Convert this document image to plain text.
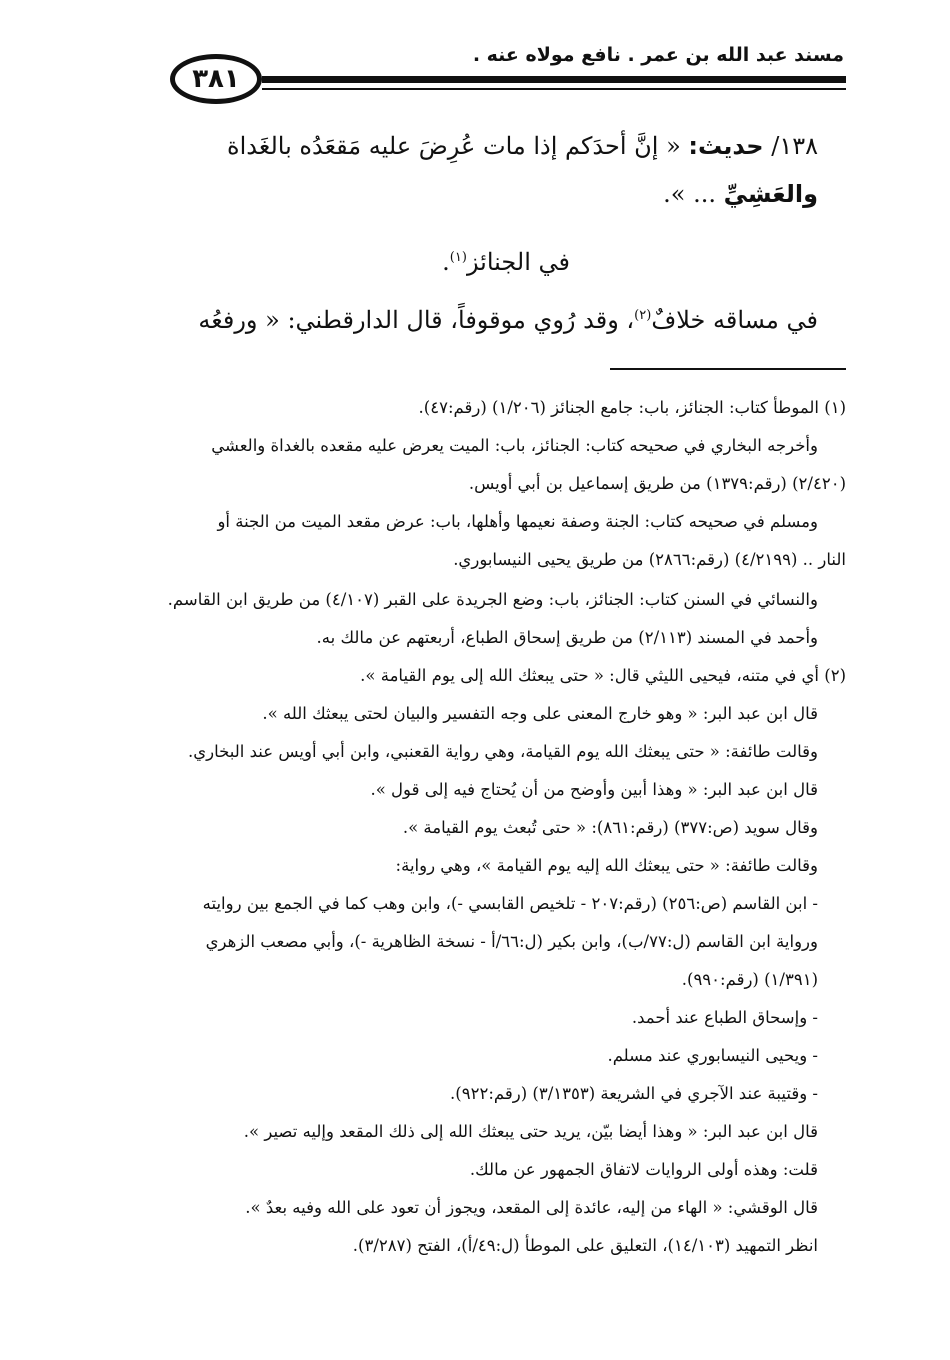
مسند عبد الله بن عمر . نافع مولاه عنه .
٣٨١
١٣٨/ حديث: « إنَّ أحدَكم إذا مات عُرِضَ عليه مَقعَدُه بالغَداة
والعَشِيِّ ... ».
في الجنائز$^{(١)}$.
في مساقه خلافٌ$^{(٢)}$، وقد رُوي موقوفاً، قال الدارقطني: « ورفعُه
(١) الموطأ كتاب: الجنائز، باب: جامع الجنائز (١/٢٠٦) (رقم:٤٧).
وأخرجه البخاري في صحيحه كتاب: الجنائز، باب: الميت يعرض عليه مقعده بالغداة والعشي
(٢/٤٢٠) (رقم:١٣٧٩) من طريق إسماعيل بن أبي أويس.
ومسلم في صحيحه كتاب: الجنة وصفة نعيمها وأهلها، باب: عرض مقعد الميت من الجنة أو
النار .. (٤/٢١٩٩) (رقم:٢٨٦٦) من طريق يحيى النيسابوري.
والنسائي في السنن كتاب: الجنائز، باب: وضع الجريدة على القبر (٤/١٠٧) من طريق ابن القاسم.
وأحمد في المسند (٢/١١٣) من طريق إسحاق الطباع، أربعتهم عن مالك به.
(٢) أي في متنه، فيحيى الليثي قال: « حتى يبعثك الله إلى يوم القيامة ».
قال ابن عبد البر: « وهو خارج المعنى على وجه التفسير والبيان لحتى يبعثك الله ».
وقالت طائفة: « حتى يبعثك الله يوم القيامة، وهي رواية القعنبي، وابن أبي أويس عند البخاري.
قال ابن عبد البر: « وهذا أبين وأوضح من أن يُحتاج فيه إلى قول ».
وقال سويد (ص:٣٧٧) (رقم:٨٦١): « حتى تُبعث يوم القيامة ».
وقالت طائفة: « حتى يبعثك الله إليه يوم القيامة »، وهي رواية:
- ابن القاسم (ص:٢٥٦) (رقم:٢٠٧ - تلخيص القابسي -)، وابن وهب كما في الجمع بين روايته
ورواية ابن القاسم (ل:٧٧/ب)، وابن بكير (ل:٦٦/أ - نسخة الظاهرية -)، وأبي مصعب الزهري
(١/٣٩١) (رقم:٩٩٠).
- وإسحاق الطباع عند أحمد.
- ويحيى النيسابوري عند مسلم.
- وقتيبة عند الآجري في الشريعة (٣/١٣٥٣) (رقم:٩٢٢).
قال ابن عبد البر: « وهذا أيضا بيّن، يريد حتى يبعثك الله إلى ذلك المقعد وإليه تصير ».
قلت: وهذه أولى الروايات لاتفاق الجمهور عن مالك.
قال الوقشي: « الهاء من إليه، عائدة إلى المقعد، ويجوز أن تعود على الله وفيه بعدٌ ».
انظر التمهيد (١٤/١٠٣)، التعليق على الموطأ (ل:٤٩/أ)، الفتح (٣/٢٨٧).
